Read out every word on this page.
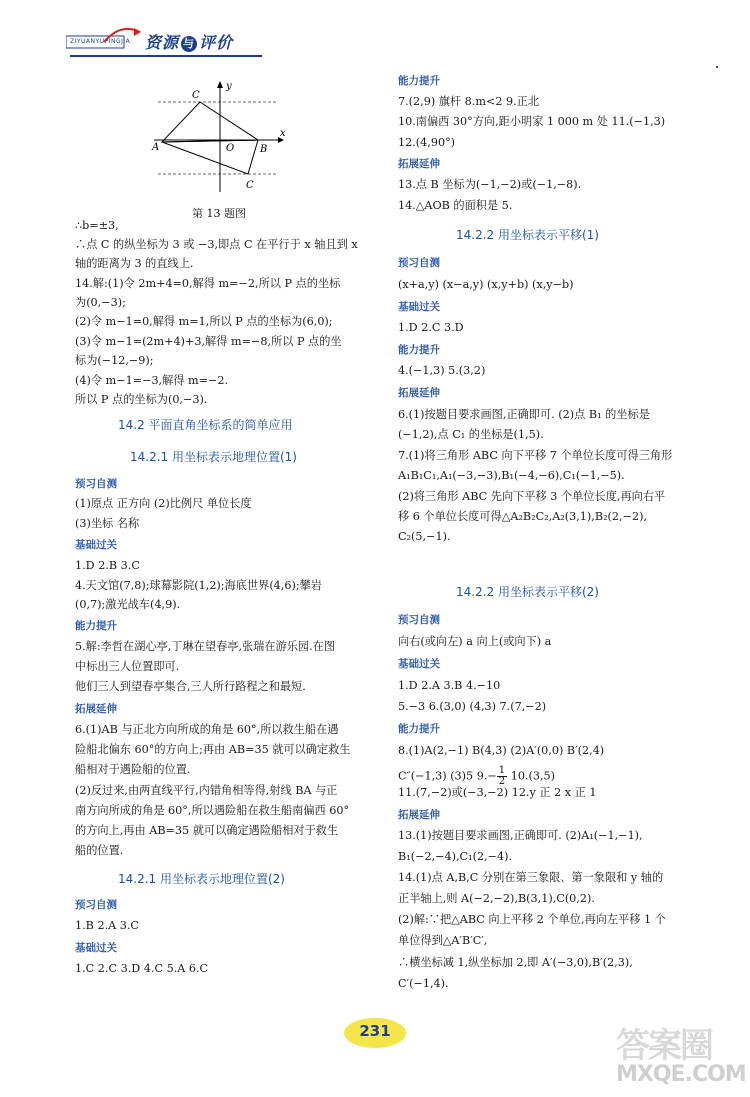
ZIYUANYUPINGJIA 资源 与 评价
y
x
C
A	O	B
C
第 13 题图
∴b=±3,
∴点 C 的纵坐标为 3 或 −3,即点 C 在平行于 x 轴且到 x
轴的距离为 3 的直线上.
14.解:(1)令 2m+4=0,解得 m=−2,所以 P 点的坐标
为(0,−3);
(2)令 m−1=0,解得 m=1,所以 P 点的坐标为(6,0);
(3)令 m−1=(2m+4)+3,解得 m=−8,所以 P 点的坐
标为(−12,−9);
(4)令 m−1=−3,解得 m=−2.
所以 P 点的坐标为(0,−3).
14.2 平面直角坐标系的简单应用
14.2.1 用坐标表示地理位置(1)
预习自测
(1)原点 正方向 (2)比例尺 单位长度
(3)坐标 名称
基础过关
1.D 2.B 3.C
4.天文馆(7,8);球幕影院(1,2);海底世界(4,6);攀岩
(0,7);激光战车(4,9).
能力提升
5.解:李哲在湖心亭,丁琳在望春亭,张瑞在游乐园.在图
中标出三人位置即可.
他们三人到望春亭集合,三人所行路程之和最短.
拓展延伸
6.(1)AB 与正北方向所成的角是 60°,所以救生船在遇
险船北偏东 60°的方向上;再由 AB=35 就可以确定救生
船相对于遇险船的位置.
(2)反过来,由两直线平行,内错角相等得,射线 BA 与正
南方向所成的角是 60°,所以遇险船在救生船南偏西 60°
的方向上,再由 AB=35 就可以确定遇险船相对于救生
船的位置.
14.2.1 用坐标表示地理位置(2)
预习自测
1.B 2.A 3.C
基础过关
1.C 2.C 3.D 4.C 5.A 6.C
能力提升
7.(2,9) 旗杆 8.m<2 9.正北
10.南偏西 30°方向,距小明家 1 000 m 处 11.(−1,3)
12.(4,90°)
拓展延伸
13.点 B 坐标为(−1,−2)或(−1,−8).
14.△AOB 的面积是 5.
14.2.2 用坐标表示平移(1)
预习自测
(x+a,y) (x−a,y) (x,y+b) (x,y−b)
基础过关
1.D 2.C 3.D
能力提升
4.(−1,3) 5.(3,2)
拓展延伸
6.(1)按题目要求画图,正确即可. (2)点 B₁ 的坐标是
(−1,2),点 C₁ 的坐标是(1,5).
7.(1)将三角形 ABC 向下平移 7 个单位长度可得三角形
A₁B₁C₁,A₁(−3,−3),B₁(−4,−6),C₁(−1,−5).
(2)将三角形 ABC 先向下平移 3 个单位长度,再向右平
移 6 个单位长度可得△A₂B₂C₂,A₂(3,1),B₂(2,−2),
C₂(5,−1).
14.2.2 用坐标表示平移(2)
预习自测
向右(或向左) a 向上(或向下) a
基础过关
1.D 2.A 3.B 4.−10
5.−3 6.(3,0) (4,3) 7.(7,−2)
能力提升
8.(1)A(2,−1) B(4,3) (2)A′(0,0) B′(2,4)
11.(7,−2)或(−3,−2) 12.y 正 2 x 正 1
拓展延伸
13.(1)按题目要求画图,正确即可. (2)A₁(−1,−1),
B₁(−2,−4),C₁(2,−4).
14.(1)点 A,B,C 分别在第三象限、第一象限和 y 轴的
正半轴上,则 A(−2,−2),B(3,1),C(0,2).
(2)解:∵把△ABC 向上平移 2 个单位,再向左平移 1 个
单位得到△A′B′C′,
∴横坐标减 1,纵坐标加 2,即 A′(−3,0),B′(2,3),
C′(−1,4).
C″(−1,3) (3)5 $9.- \frac{1}{2} 10.(3,5)$
231	答案圈
MXQE.COM
